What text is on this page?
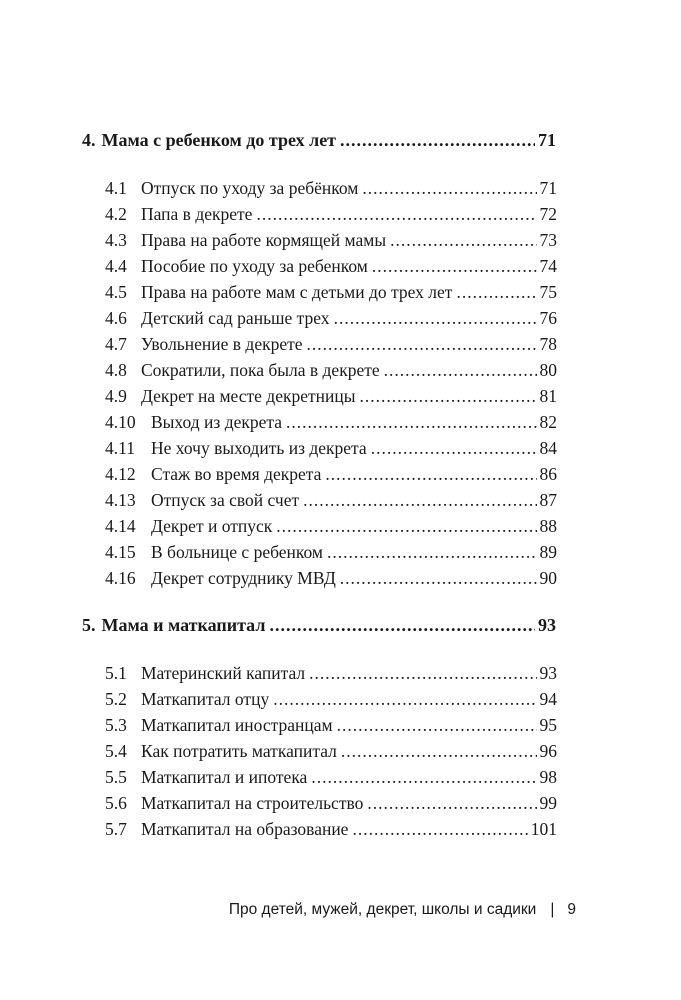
4. Мама с ребенком до трех лет .....	71
4.1 Отпуск по уходу за ребёнком .....	71
4.2 Папа в декрете .....	72
4.3 Права на работе кормящей мамы .....	73
4.4 Пособие по уходу за ребенком .....	74
4.5 Права на работе мам с детьми до трех лет .....	75
4.6 Детский сад раньше трех .....	76
4.7 Увольнение в декрете .....	78
4.8 Сократили, пока была в декрете .....	80
4.9 Декрет на месте декретницы .....	81
4.10 Выход из декрета .....	82
4.11 Не хочу выходить из декрета .....	84
4.12 Стаж во время декрета .....	86
4.13 Отпуск за свой счет .....	87
4.14 Декрет и отпуск .....	88
4.15 В больнице с ребенком .....	89
4.16 Декрет сотруднику МВД .....	90
5. Мама и маткапитал .....	93
5.1 Материнский капитал .....	93
5.2 Маткапитал отцу .....	94
5.3 Маткапитал иностранцам .....	95
5.4 Как потратить маткапитал .....	96
5.5 Маткапитал и ипотека .....	98
5.6 Маткапитал на строительство .....	99
5.7 Маткапитал на образование .....	101
Про детей, мужей, декрет, школы и садики | 9
